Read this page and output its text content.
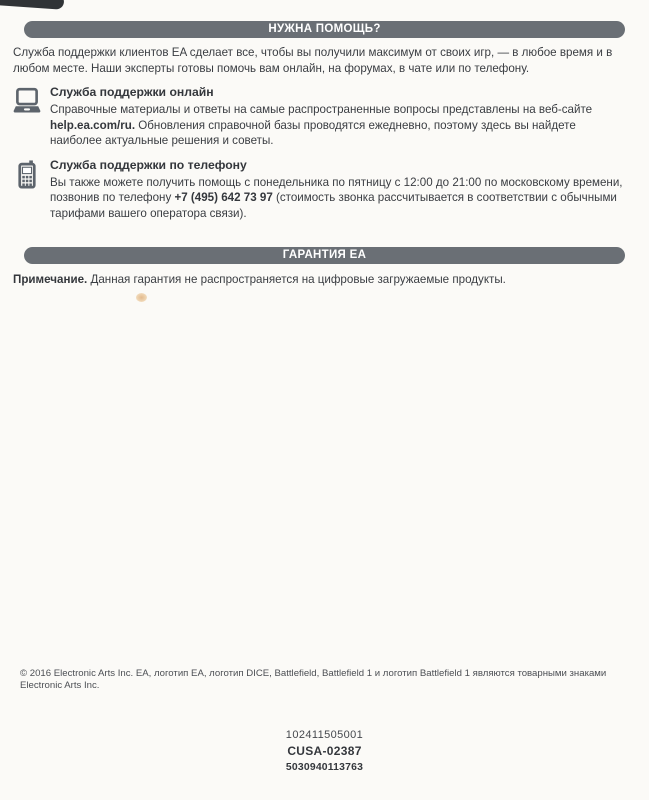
НУЖНА ПОМОЩЬ?

Служба поддержки клиентов EA сделает все, чтобы вы получили максимум от своих игр, — в любое время и в любом месте. Наши эксперты готовы помочь вам онлайн, на форумах, в чате или по телефону.

Служба поддержки онлайн

Справочные материалы и ответы на самые распространенные вопросы представлены на веб-сайте help.ea.com/ru. Обновления справочной базы проводятся ежедневно, поэтому здесь вы найдете наиболее актуальные решения и советы.

Служба поддержки по телефону

Вы также можете получить помощь с понедельника по пятницу с 12:00 до 21:00 по московскому времени, позвонив по телефону +7 (495) 642 73 97 (стоимость звонка рассчитывается в соответствии с обычными тарифами вашего оператора связи).

ГАРАНТИЯ EA

Примечание. Данная гарантия не распространяется на цифровые загружаемые продукты.

© 2016 Electronic Arts Inc. EA, логотип EA, логотип DICE, Battlefield, Battlefield 1 и логотип Battlefield 1 являются товарными знаками Electronic Arts Inc.

102411505001
CUSA-02387
5030940113763
